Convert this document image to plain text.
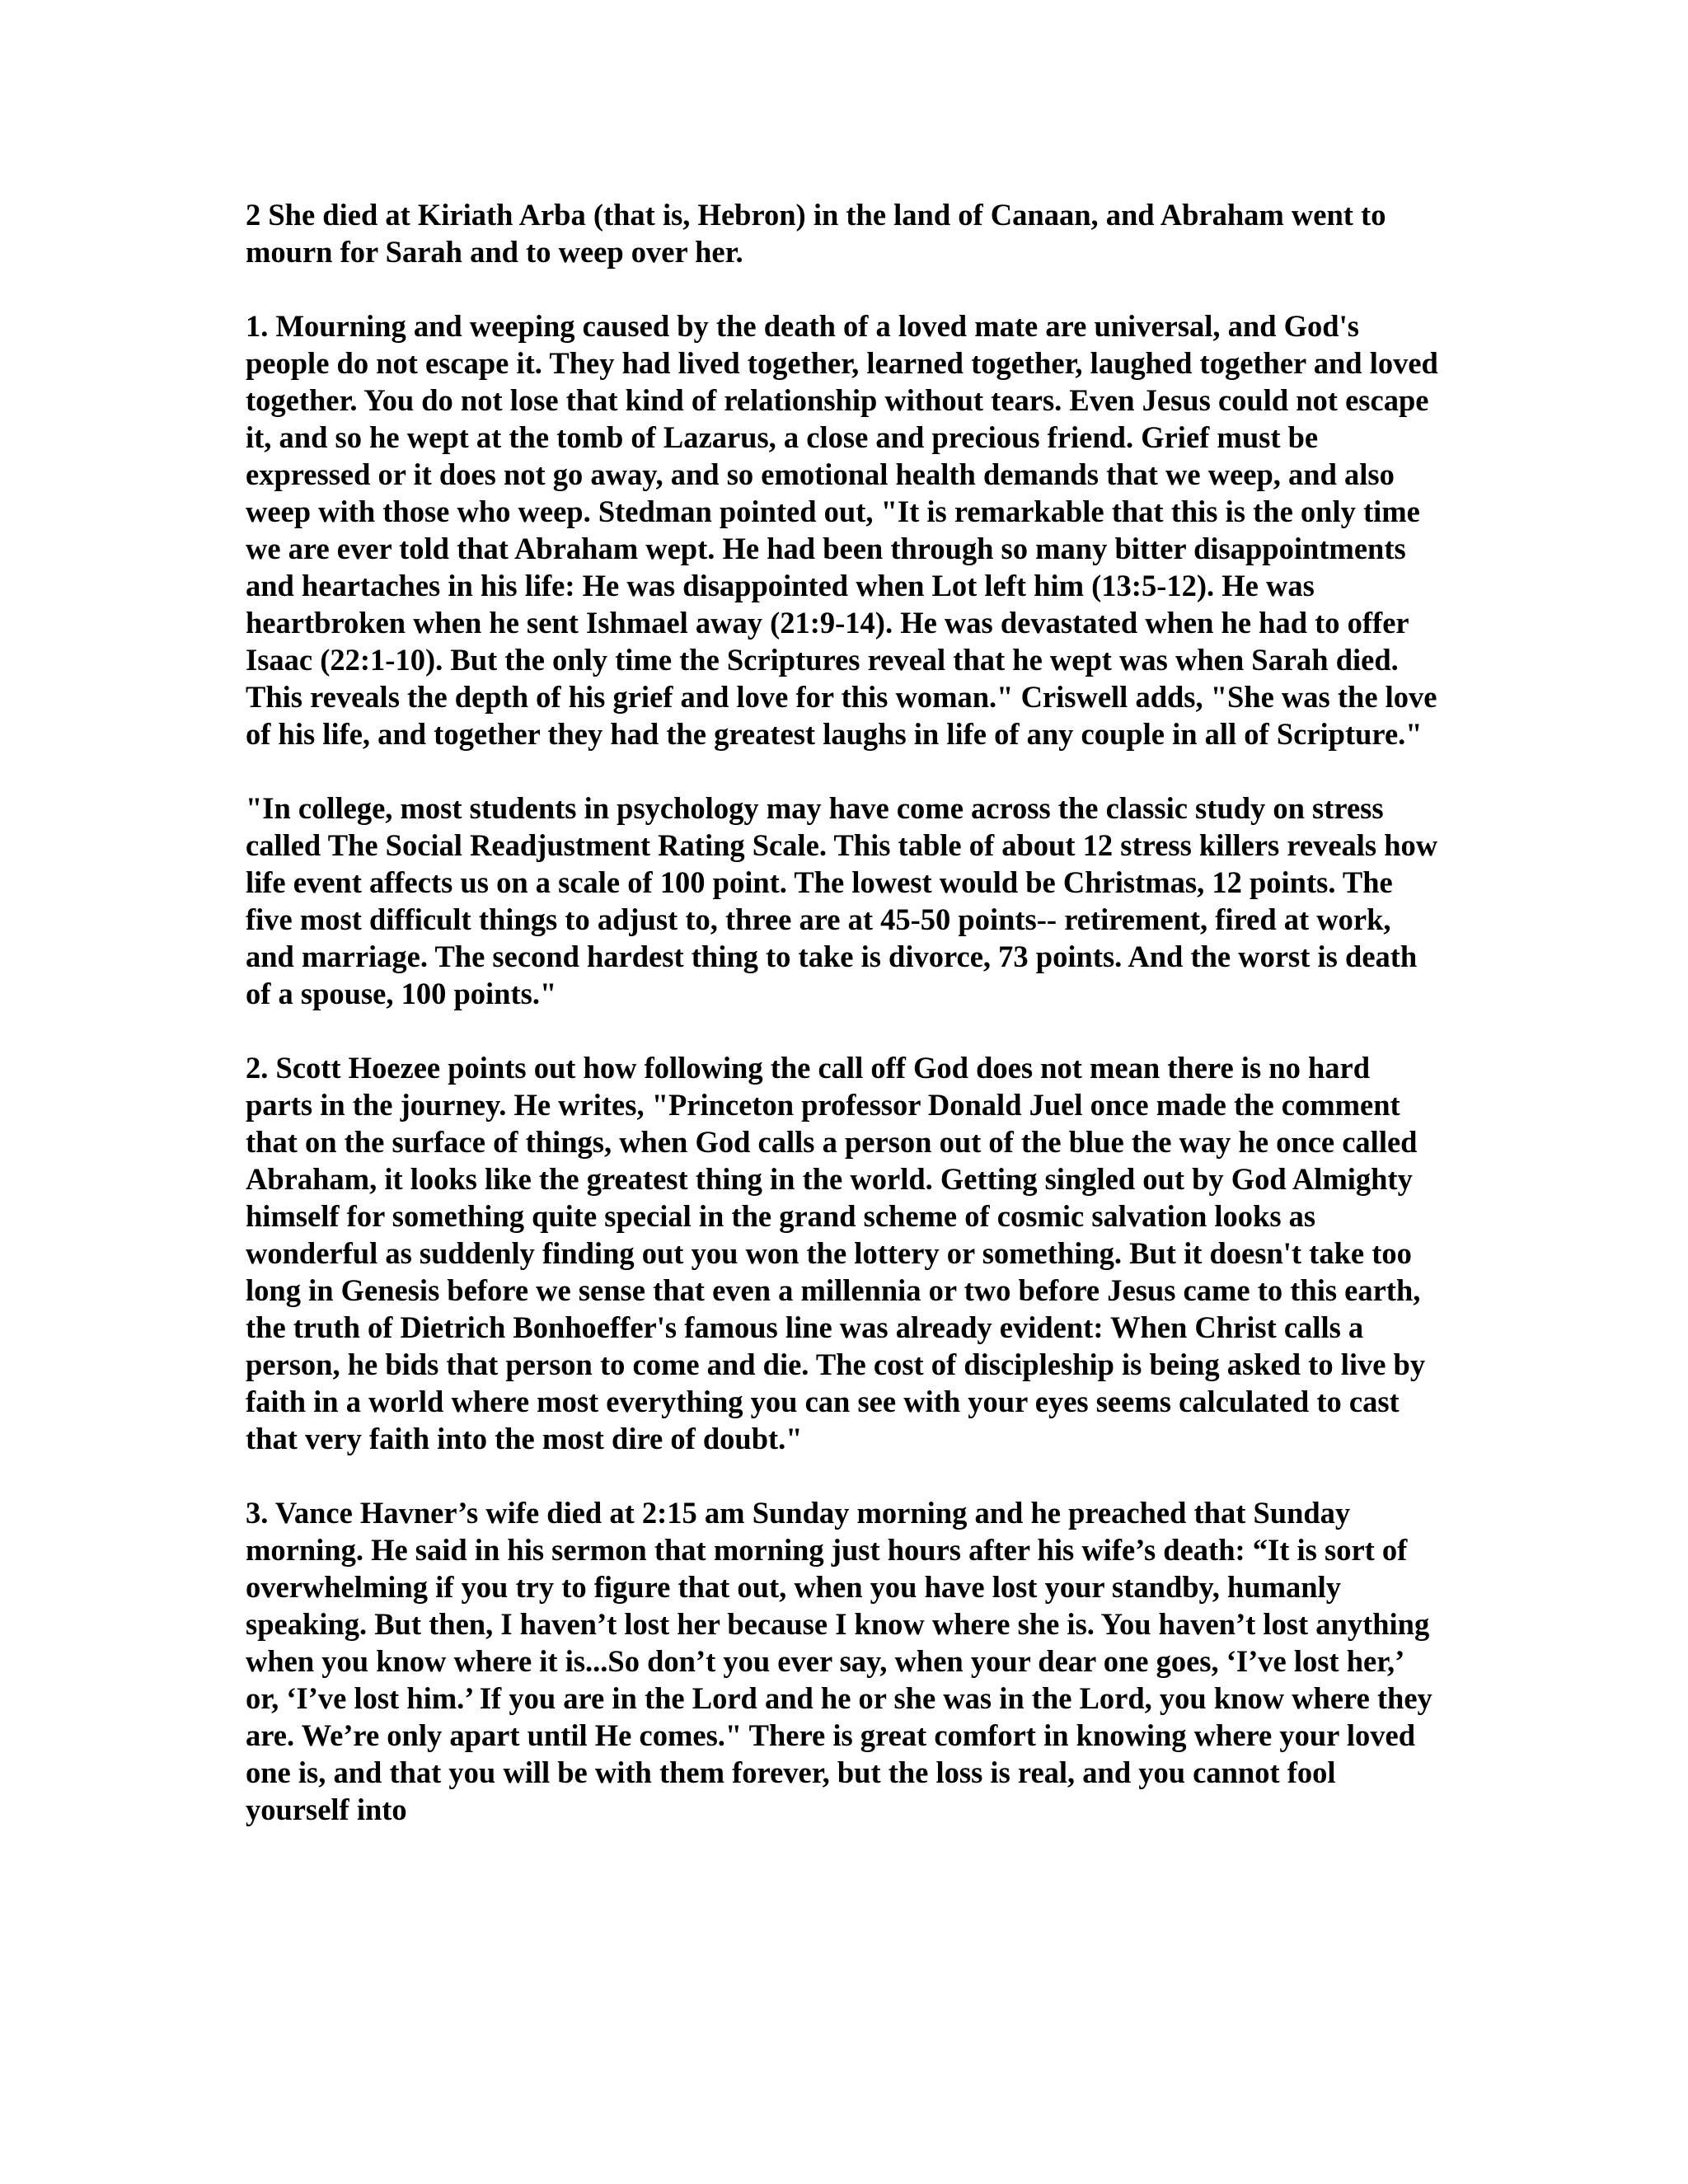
2 She died at Kiriath Arba (that is, Hebron) in the land of Canaan, and Abraham went to mourn for Sarah and to weep over her.

1. Mourning and weeping caused by the death of a loved mate are universal, and God's people do not escape it. They had lived together, learned together, laughed together and loved together. You do not lose that kind of relationship without tears. Even Jesus could not escape it, and so he wept at the tomb of Lazarus, a close and precious friend. Grief must be expressed or it does not go away, and so emotional health demands that we weep, and also weep with those who weep. Stedman pointed out, "It is remarkable that this is the only time we are ever told that Abraham wept. He had been through so many bitter disappointments and heartaches in his life: He was disappointed when Lot left him (13:5-12). He was heartbroken when he sent Ishmael away (21:9-14). He was devastated when he had to offer Isaac (22:1-10). But the only time the Scriptures reveal that he wept was when Sarah died. This reveals the depth of his grief and love for this woman." Criswell adds, "She was the love of his life, and together they had the greatest laughs in life of any couple in all of Scripture."

"In college, most students in psychology may have come across the classic study on stress called The Social Readjustment Rating Scale. This table of about 12 stress killers reveals how life event affects us on a scale of 100 point. The lowest would be Christmas, 12 points. The five most difficult things to adjust to, three are at 45-50 points-- retirement, fired at work, and marriage. The second hardest thing to take is divorce, 73 points. And the worst is death of a spouse, 100 points."

2. Scott Hoezee points out how following the call off God does not mean there is no hard parts in the journey. He writes, "Princeton professor Donald Juel once made the comment that on the surface of things, when God calls a person out of the blue the way he once called Abraham, it looks like the greatest thing in the world. Getting singled out by God Almighty himself for something quite special in the grand scheme of cosmic salvation looks as wonderful as suddenly finding out you won the lottery or something. But it doesn't take too long in Genesis before we sense that even a millennia or two before Jesus came to this earth, the truth of Dietrich Bonhoeffer's famous line was already evident: When Christ calls a person, he bids that person to come and die. The cost of discipleship is being asked to live by faith in a world where most everything you can see with your eyes seems calculated to cast that very faith into the most dire of doubt."

3. Vance Havner’s wife died at 2:15 am Sunday morning and he preached that Sunday morning. He said in his sermon that morning just hours after his wife’s death: “It is sort of overwhelming if you try to figure that out, when you have lost your standby, humanly speaking. But then, I haven’t lost her because I know where she is. You haven’t lost anything when you know where it is...So don’t you ever say, when your dear one goes, ‘I’ve lost her,’ or, ‘I’ve lost him.’ If you are in the Lord and he or she was in the Lord, you know where they are. We’re only apart until He comes." There is great comfort in knowing where your loved one is, and that you will be with them forever, but the loss is real, and you cannot fool yourself into
